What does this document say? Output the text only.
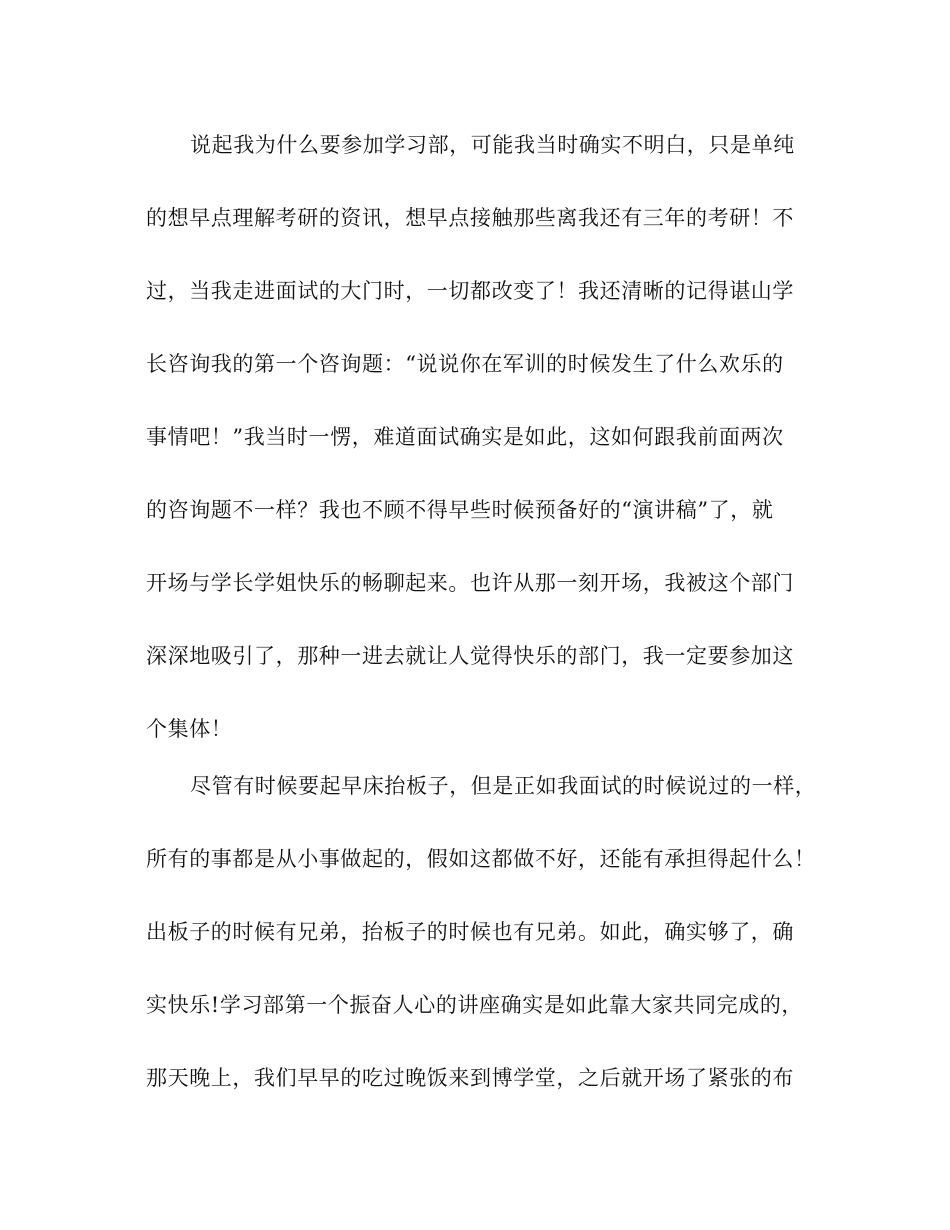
说起我为什么要参加学习部，可能我当时确实不明白，只是单纯
的想早点理解考研的资讯，想早点接触那些离我还有三年的考研！不
过，当我走进面试的大门时，一切都改变了！我还清晰的记得谌山学
长咨询我的第一个咨询题：“说说你在军训的时候发生了什么欢乐的
事情吧！”我当时一愣，难道面试确实是如此，这如何跟我前面两次
的咨询题不一样？我也不顾不得早些时候预备好的“演讲稿”了，就
开场与学长学姐快乐的畅聊起来。也许从那一刻开场，我被这个部门
深深地吸引了，那种一进去就让人觉得快乐的部门，我一定要参加这
个集体！
尽管有时候要起早床抬板子，但是正如我面试的时候说过的一样，
所有的事都是从小事做起的，假如这都做不好，还能有承担得起什么！
出板子的时候有兄弟，抬板子的时候也有兄弟。如此，确实够了，确
实快乐!学习部第一个振奋人心的讲座确实是如此靠大家共同完成的，
那天晚上，我们早早的吃过晚饭来到博学堂，之后就开场了紧张的布
